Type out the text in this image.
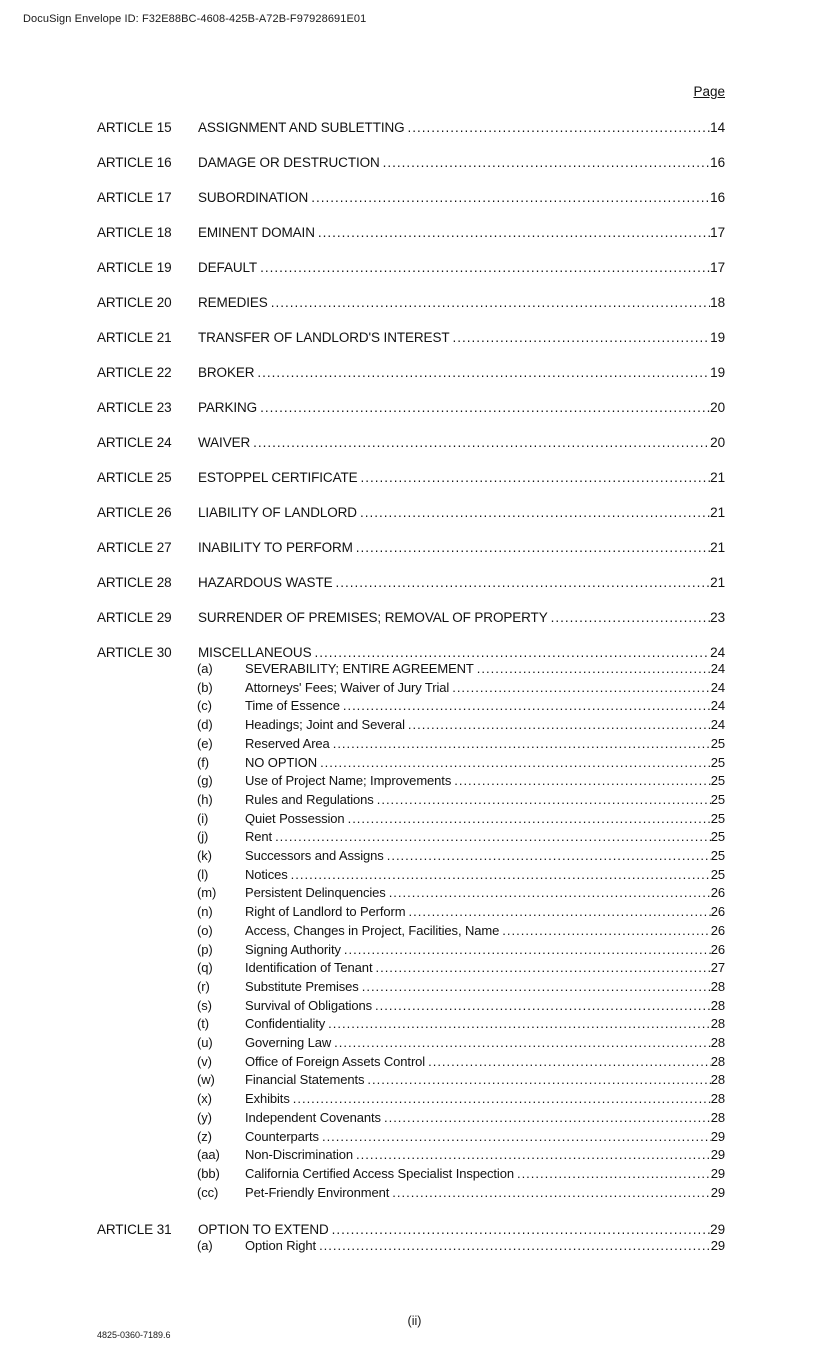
DocuSign Envelope ID: F32E88BC-4608-425B-A72B-F97928691E01
Page
ARTICLE 15	ASSIGNMENT AND SUBLETTING .....	14
ARTICLE 16	DAMAGE OR DESTRUCTION .....	16
ARTICLE 17	SUBORDINATION .....	16
ARTICLE 18	EMINENT DOMAIN .....	17
ARTICLE 19	DEFAULT .....	17
ARTICLE 20	REMEDIES .....	18
ARTICLE 21	TRANSFER OF LANDLORD'S INTEREST .....	19
ARTICLE 22	BROKER .....	19
ARTICLE 23	PARKING .....	20
ARTICLE 24	WAIVER .....	20
ARTICLE 25	ESTOPPEL CERTIFICATE .....	21
ARTICLE 26	LIABILITY OF LANDLORD .....	21
ARTICLE 27	INABILITY TO PERFORM .....	21
ARTICLE 28	HAZARDOUS WASTE .....	21
ARTICLE 29	SURRENDER OF PREMISES; REMOVAL OF PROPERTY .....	23
ARTICLE 30	MISCELLANEOUS .....	24
(a)	SEVERABILITY; ENTIRE AGREEMENT .....	24
(b)	Attorneys' Fees; Waiver of Jury Trial .....	24
(c)	Time of Essence .....	24
(d)	Headings; Joint and Several .....	24
(e)	Reserved Area .....	25
(f)	NO OPTION .....	25
(g)	Use of Project Name; Improvements .....	25
(h)	Rules and Regulations .....	25
(i)	Quiet Possession .....	25
(j)	Rent .....	25
(k)	Successors and Assigns .....	25
(l)	Notices .....	25
(m)	Persistent Delinquencies .....	26
(n)	Right of Landlord to Perform .....	26
(o)	Access, Changes in Project, Facilities, Name .....	26
(p)	Signing Authority .....	26
(q)	Identification of Tenant .....	27
(r)	Substitute Premises .....	28
(s)	Survival of Obligations .....	28
(t)	Confidentiality .....	28
(u)	Governing Law .....	28
(v)	Office of Foreign Assets Control .....	28
(w)	Financial Statements .....	28
(x)	Exhibits .....	28
(y)	Independent Covenants .....	28
(z)	Counterparts .....	29
(aa)	Non-Discrimination .....	29
(bb)	California Certified Access Specialist Inspection .....	29
(cc)	Pet-Friendly Environment .....	29
ARTICLE 31	OPTION TO EXTEND .....	29
(a)	Option Right .....	29
(ii)
4825-0360-7189.6
